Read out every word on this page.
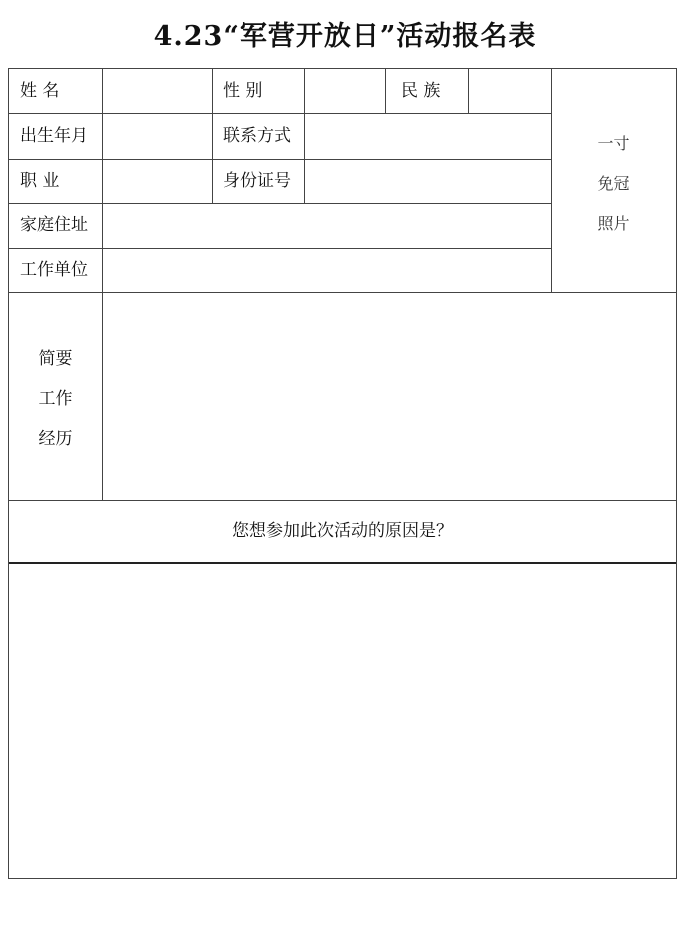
4.23“军营开放日”活动报名表
姓 名	性 别	民 族
出生年月	联系方式
职 业	身份证号
家庭住址
工作单位
一寸
免冠
照片
简要
工作
经历
您想参加此次活动的原因是？
